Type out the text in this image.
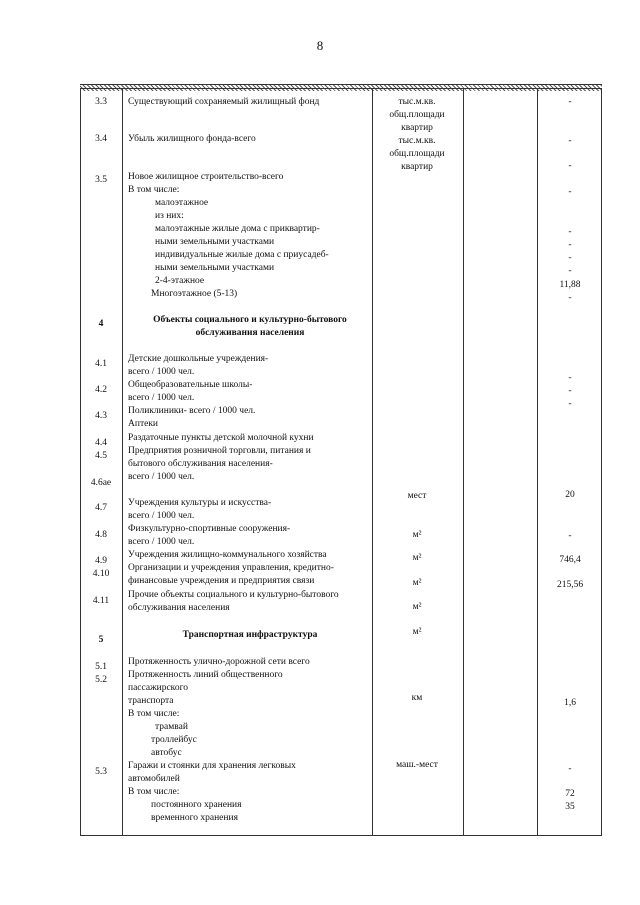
8
3.3
3.4
3.5
4
4.1
4.2
4.3
4.4
4.5
4.6ae
4.7
4.8
4.9
4.10
4.11
5
5.1
5.2
5.3
Существующий сохраняемый жилищный фонд
Убыль жилищного фонда-всего
Новое жилищное строительство-всего
В том числе:
малоэтажное
из них:
малоэтажные жилые дома с приквартир-
ными земельными участками
индивидуальные жилые дома с приусадеб-
ными земельными участками
2-4-этажное
Многоэтажное (5-13)
Объекты социального и культурно-бытового
обслуживания населения
Детские дошкольные учреждения-
всего / 1000 чел.
Общеобразовательные школы-
всего / 1000 чел.
Поликлиники- всего / 1000 чел.
Аптеки
Раздаточные пункты детской молочной кухни
Предприятия розничной торговли, питания и
бытового обслуживания населения-
всего / 1000 чел.
Учреждения культуры и искусства-
всего / 1000 чел.
Физкультурно-спортивные сооружения-
всего / 1000 чел.
Учреждения жилищно-коммунального хозяйства
Организации и учреждения управления, кредитно-
финансовые учреждения и предприятия связи
Прочие объекты социального и культурно-бытового
обслуживания населения
Транспортная инфраструктура
Протяженность улично-дорожной сети всего
Протяженность линий общественного
пассажирского
транспорта
В том числе:
трамвай
троллейбус
автобус
Гаражи и стоянки для хранения легковых
автомобилей
В том числе:
постоянного хранения
временного хранения
тыс.м.кв.
общ.площади
квартир
тыс.м.кв.
общ.площади
квартир
мест
м²
м²
м²
м²
м²
км
маш.-мест
-
-
-
-
-
-
-
-
11,88
-
-
-
-
20
-
746,4
215,56
1,6
-
72
35
